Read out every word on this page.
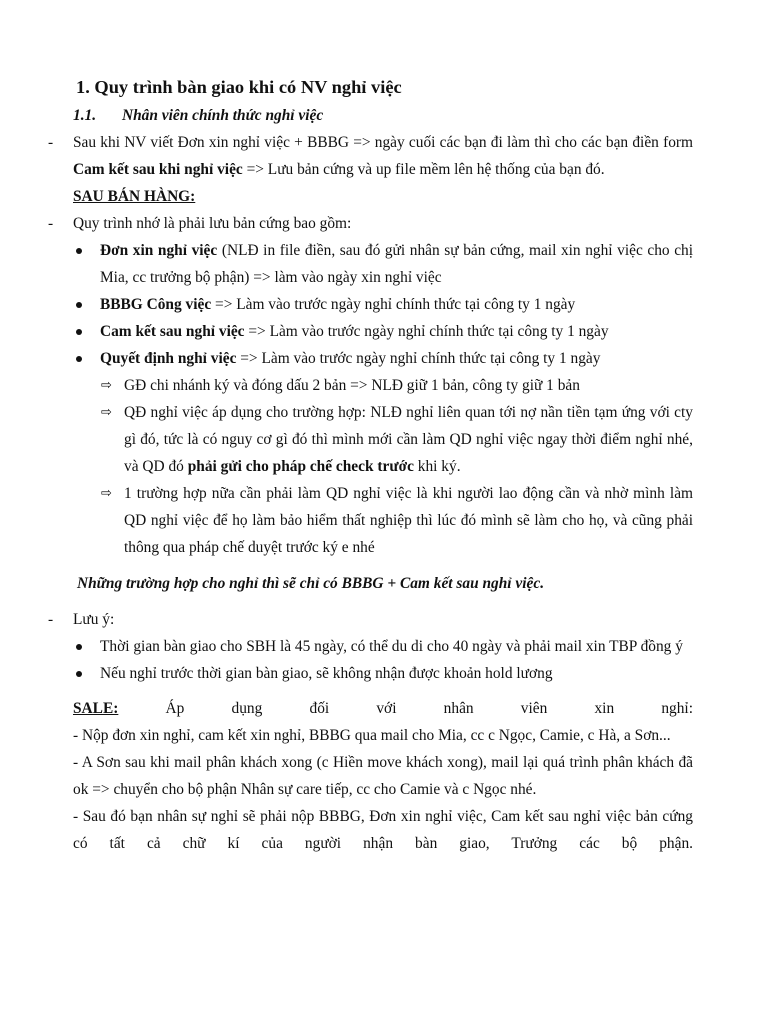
1. Quy trình bàn giao khi có NV nghỉ việc
1.1. Nhân viên chính thức nghỉ việc
- Sau khi NV viết Đơn xin nghỉ việc + BBBG => ngày cuối các bạn đi làm thì cho các bạn điền form Cam kết sau khi nghỉ việc => Lưu bản cứng và up file mềm lên hệ thống của bạn đó.
SAU BÁN HÀNG:
- Quy trình nhớ là phải lưu bản cứng bao gồm:
Đơn xin nghỉ việc (NLĐ in file điền, sau đó gửi nhân sự bản cứng, mail xin nghỉ việc cho chị Mia, cc trưởng bộ phận) => làm vào ngày xin nghỉ việc
BBBG Công việc => Làm vào trước ngày nghỉ chính thức tại công ty 1 ngày
Cam kết sau nghỉ việc => Làm vào trước ngày nghỉ chính thức tại công ty 1 ngày
Quyết định nghỉ việc => Làm vào trước ngày nghỉ chính thức tại công ty 1 ngày
⇨ GĐ chi nhánh ký và đóng dấu 2 bản => NLĐ giữ 1 bản, công ty giữ 1 bản
⇨ QĐ nghỉ việc áp dụng cho trường hợp: NLĐ nghỉ liên quan tới nợ nần tiền tạm ứng với cty gì đó, tức là có nguy cơ gì đó thì mình mới cần làm QD nghỉ việc ngay thời điểm nghỉ nhé, và QD đó phải gửi cho pháp chế check trước khi ký.
⇨ 1 trường hợp nữa cần phải làm QD nghỉ việc là khi người lao động cần và nhờ mình làm QD nghỉ việc để họ làm bảo hiểm thất nghiệp thì lúc đó mình sẽ làm cho họ, và cũng phải thông qua pháp chế duyệt trước ký e nhé
Những trường hợp cho nghỉ thì sẽ chỉ có BBBG + Cam kết sau nghỉ việc.
- Lưu ý:
Thời gian bàn giao cho SBH là 45 ngày, có thể du di cho 40 ngày và phải mail xin TBP đồng ý
Nếu nghỉ trước thời gian bàn giao, sẽ không nhận được khoản hold lương
SALE:	Áp	dụng	đối	với	nhân	viên	xin	nghỉ:
- Nộp đơn xin nghỉ, cam kết xin nghỉ, BBBG qua mail cho Mia, cc c Ngọc, Camie, c Hà, a Sơn...
- A Sơn sau khi mail phân khách xong (c Hiền move khách xong), mail lại quá trình phân khách đã ok => chuyển cho bộ phận Nhân sự care tiếp, cc cho Camie và c Ngọc nhé.
- Sau đó bạn nhân sự nghỉ sẽ phải nộp BBBG, Đơn xin nghỉ việc, Cam kết sau nghỉ việc bản cứng có tất cả chữ kí của người nhận bàn giao, Trưởng các bộ phận.
